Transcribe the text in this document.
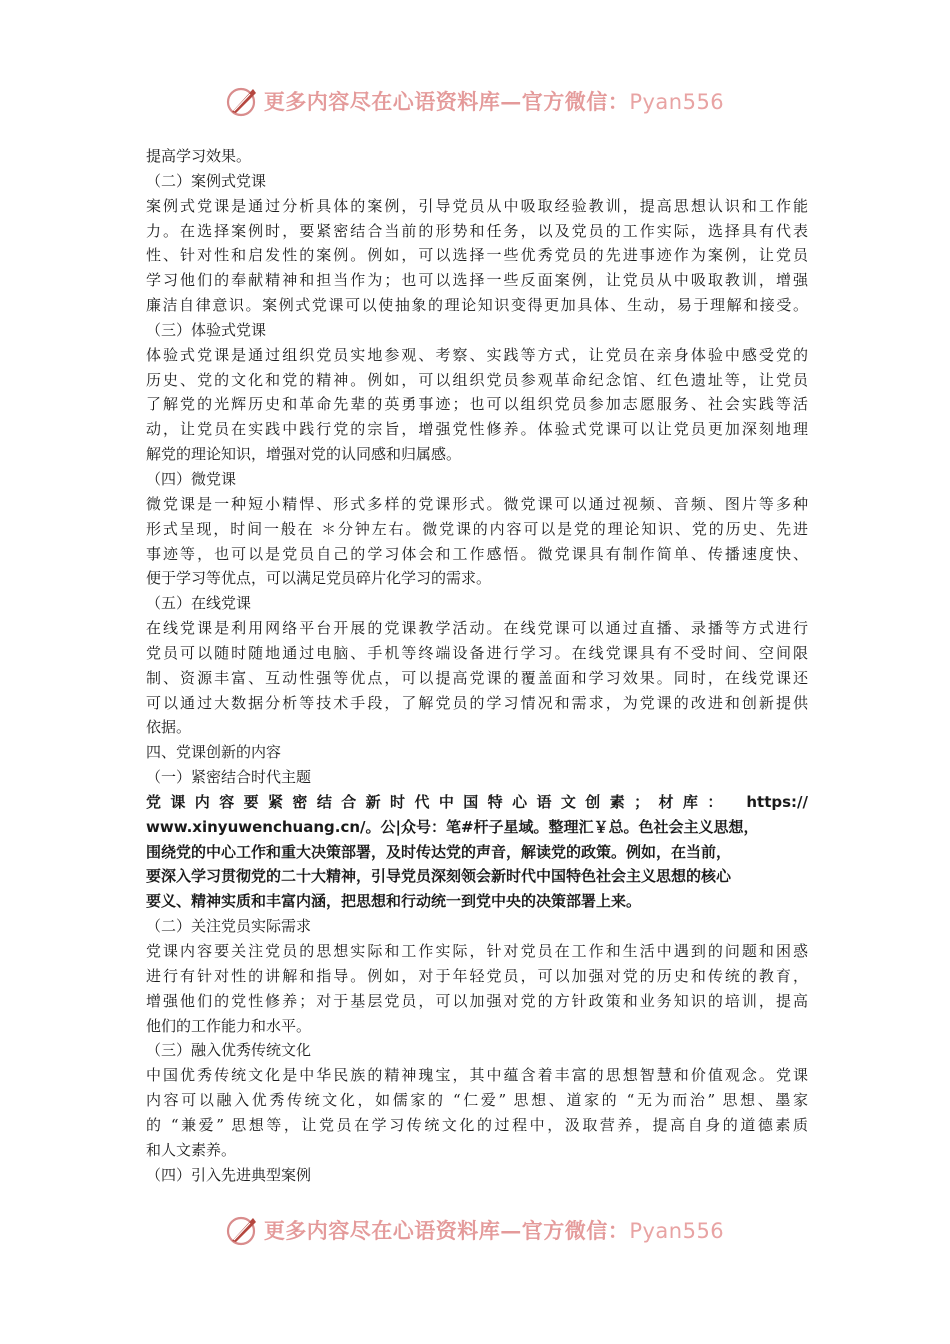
更多内容尽在心语资料库—官方微信：Pyan556
提高学习效果。
（二）案例式党课
案例式党课是通过分析具体的案例，引导党员从中吸取经验教训，提高思想认识和工作能
力。在选择案例时，要紧密结合当前的形势和任务，以及党员的工作实际，选择具有代表
性、针对性和启发性的案例。例如，可以选择一些优秀党员的先进事迹作为案例，让党员
学习他们的奉献精神和担当作为；也可以选择一些反面案例，让党员从中吸取教训，增强
廉洁自律意识。案例式党课可以使抽象的理论知识变得更加具体、生动，易于理解和接受。
（三）体验式党课
体验式党课是通过组织党员实地参观、考察、实践等方式，让党员在亲身体验中感受党的
历史、党的文化和党的精神。例如，可以组织党员参观革命纪念馆、红色遗址等，让党员
了解党的光辉历史和革命先辈的英勇事迹；也可以组织党员参加志愿服务、社会实践等活
动，让党员在实践中践行党的宗旨，增强党性修养。体验式党课可以让党员更加深刻地理
解党的理论知识，增强对党的认同感和归属感。
（四）微党课
微党课是一种短小精悍、形式多样的党课形式。微党课可以通过视频、音频、图片等多种
形式呈现，时间一般在 ＊分钟左右。微党课的内容可以是党的理论知识、党的历史、先进
事迹等，也可以是党员自己的学习体会和工作感悟。微党课具有制作简单、传播速度快、
便于学习等优点，可以满足党员碎片化学习的需求。
（五）在线党课
在线党课是利用网络平台开展的党课教学活动。在线党课可以通过直播、录播等方式进行
党员可以随时随地通过电脑、手机等终端设备进行学习。在线党课具有不受时间、空间限
制、资源丰富、互动性强等优点，可以提高党课的覆盖面和学习效果。同时，在线党课还
可以通过大数据分析等技术手段，了解党员的学习情况和需求，为党课的改进和创新提供
依据。
四、党课创新的内容
（一）紧密结合时代主题
党课内容要紧密结合新时代中国特心语文创素；材库： https://
www.xinyuwenchuang.cn/。公|众号：笔#杆子星域。整理汇￥总。色社会主义思想，
围绕党的中心工作和重大决策部署，及时传达党的声音，解读党的政策。例如，在当前，
要深入学习贯彻党的二十大精神，引导党员深刻领会新时代中国特色社会主义思想的核心
要义、精神实质和丰富内涵，把思想和行动统一到党中央的决策部署上来。
（二）关注党员实际需求
党课内容要关注党员的思想实际和工作实际，针对党员在工作和生活中遇到的问题和困惑
进行有针对性的讲解和指导。例如，对于年轻党员，可以加强对党的历史和传统的教育，
增强他们的党性修养；对于基层党员，可以加强对党的方针政策和业务知识的培训，提高
他们的工作能力和水平。
（三）融入优秀传统文化
中国优秀传统文化是中华民族的精神瑰宝，其中蕴含着丰富的思想智慧和价值观念。党课
内容可以融入优秀传统文化，如儒家的 “仁爱” 思想、道家的 “无为而治” 思想、墨家
的 “兼爱” 思想等，让党员在学习传统文化的过程中，汲取营养，提高自身的道德素质
和人文素养。
（四）引入先进典型案例
更多内容尽在心语资料库—官方微信：Pyan556
